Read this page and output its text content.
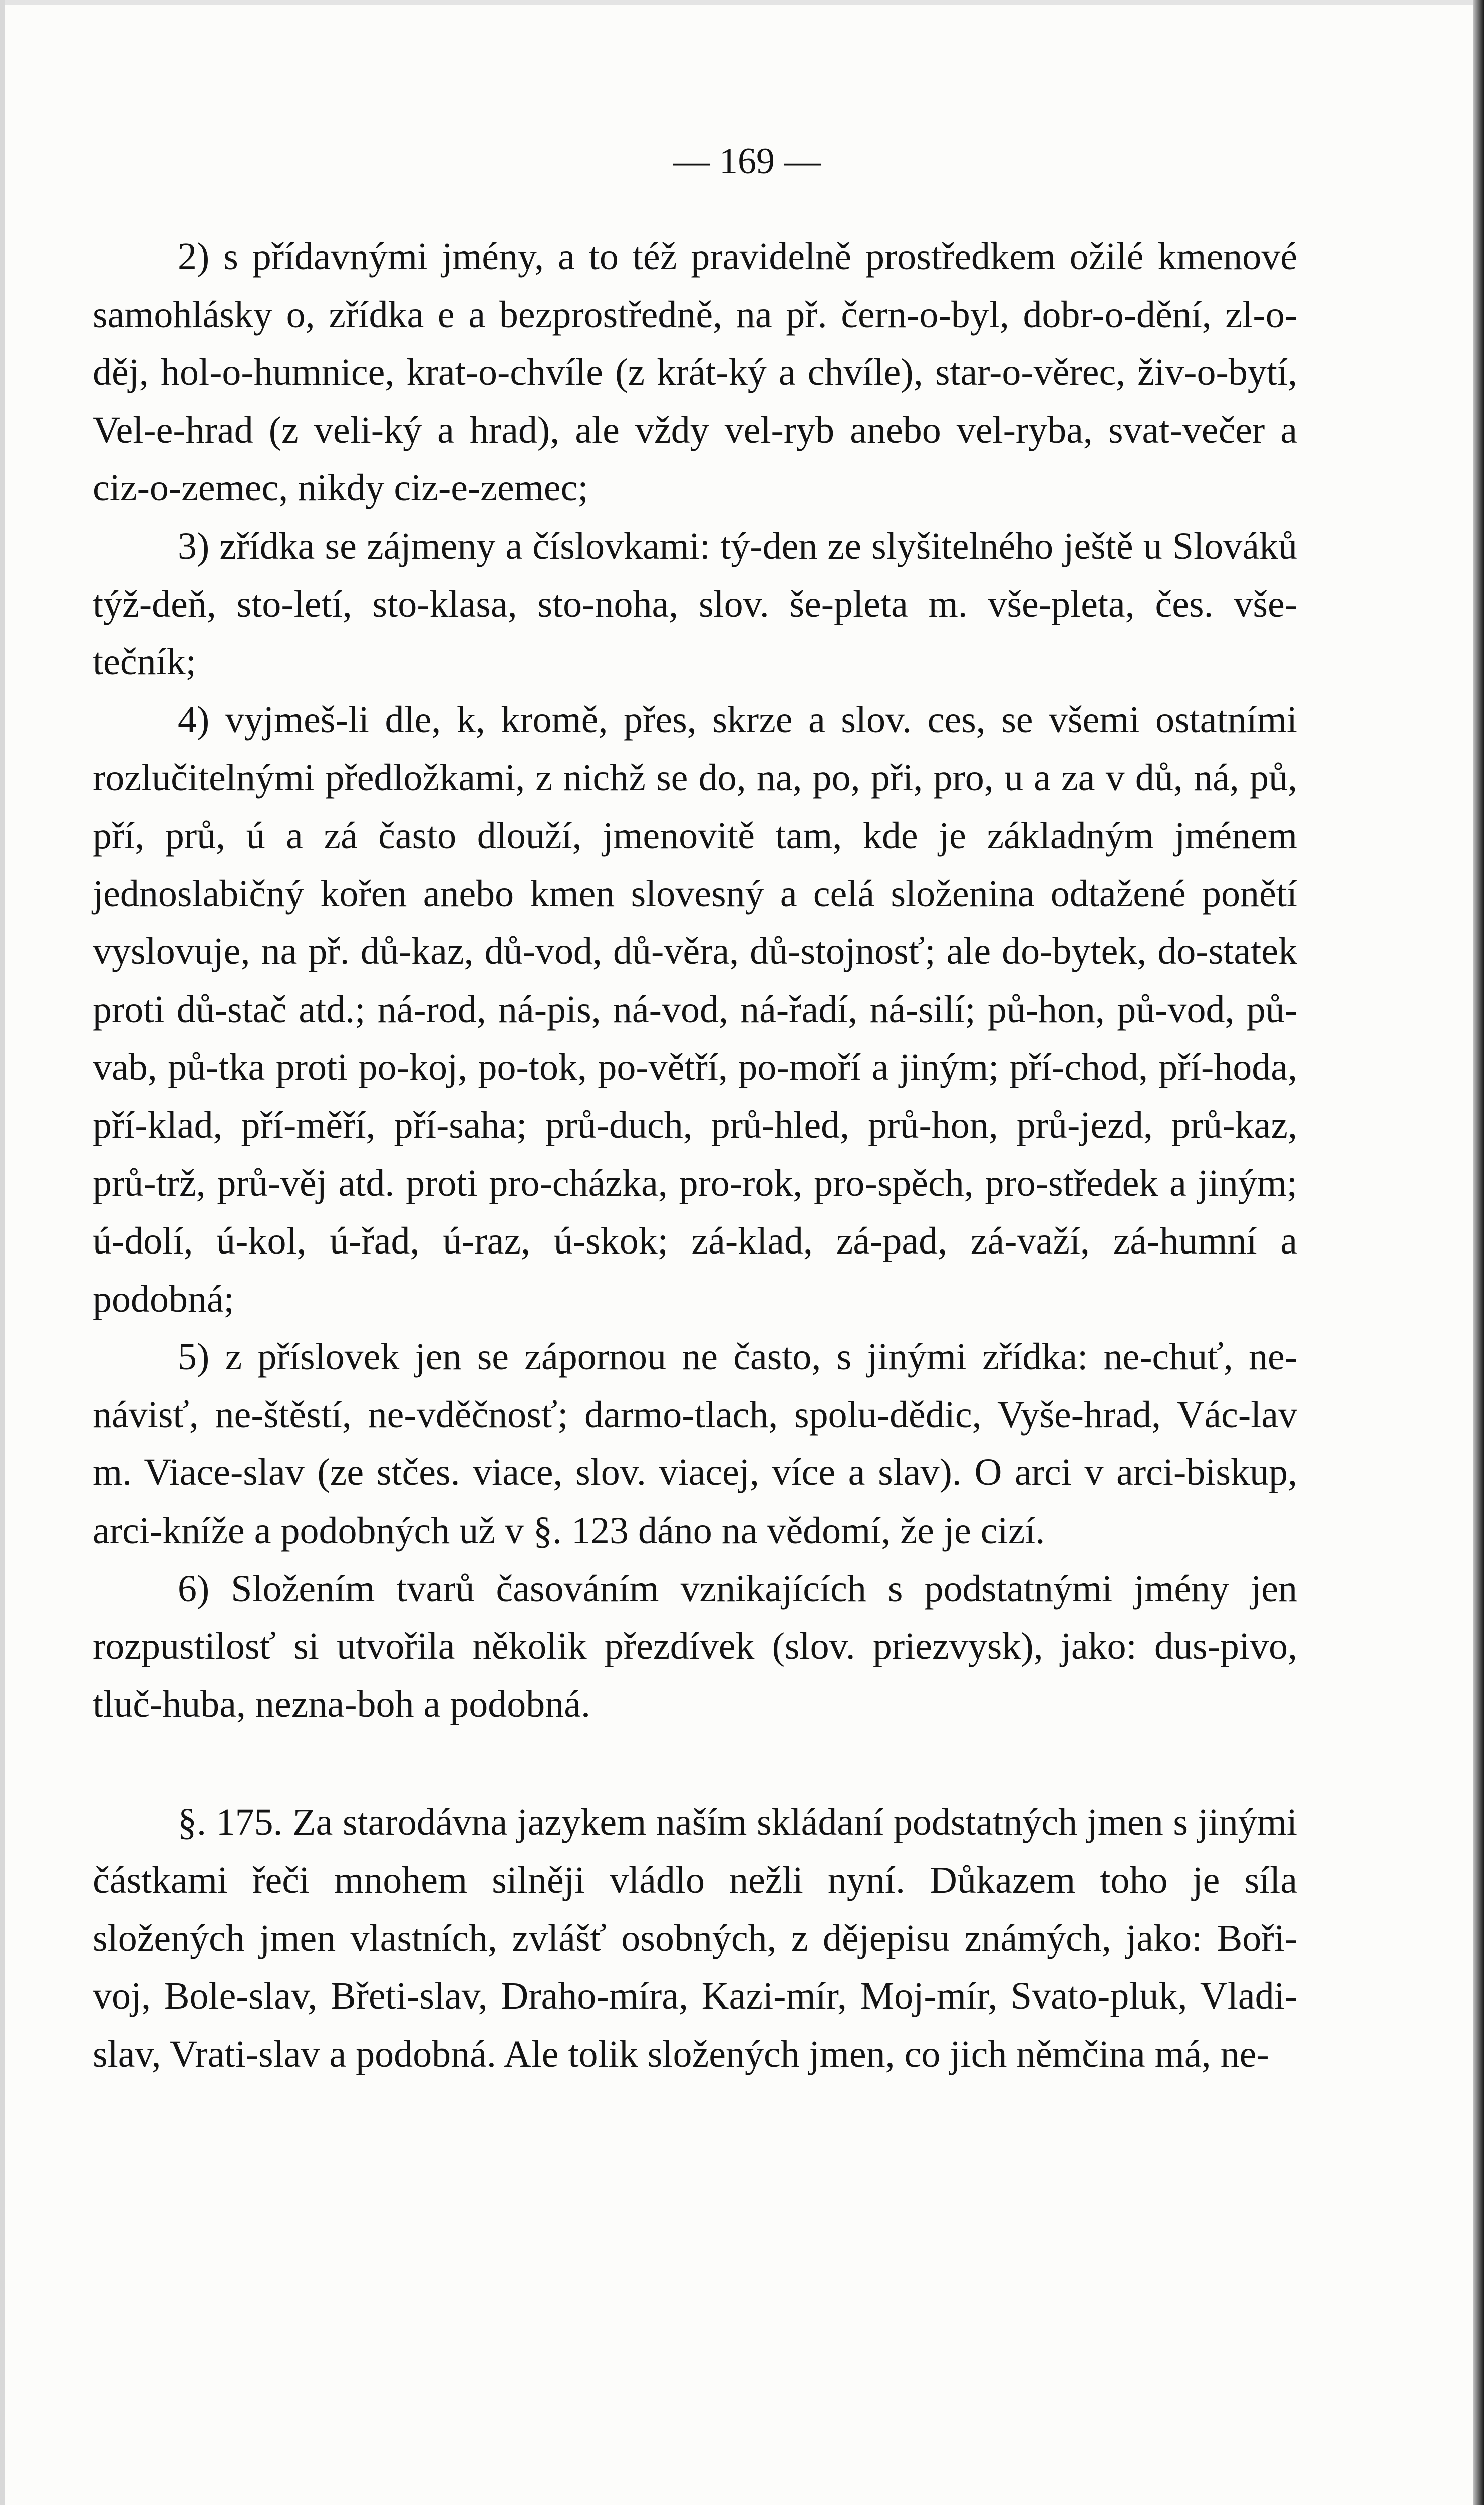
— 169 —

2) s přídavnými jmény, a to též pravidelně prostředkem ožilé kmenové samohlásky o, zřídka e a bezprostředně, na př. čern-o-byl, dobr-o-dění, zl-o-děj, hol-o-humnice, krat-o-chvíle (z krát-ký a chvíle), star-o-věrec, živ-o-bytí, Vel-e-hrad (z veli-ký a hrad), ale vždy vel-ryb anebo vel-ryba, svat-večer a ciz-o-zemec, nikdy ciz-e-zemec;

3) zřídka se zájmeny a číslovkami: tý-den ze slyšitelného ještě u Slováků týž-deň, sto-letí, sto-klasa, sto-noha, slov. še-pleta m. vše-pleta, čes. vše-tečník;

4) vyjmeš-li dle, k, kromě, přes, skrze a slov. ces, se všemi ostatními rozlučitelnými předložkami, z nichž se do, na, po, při, pro, u a za v dů, ná, pů, pří, prů, ú a zá často dlouží, jmenovitě tam, kde je základným jménem jednoslabičný kořen anebo kmen slovesný a celá složenina odtažené ponětí vyslovuje, na př. dů-kaz, dů-vod, dů-věra, dů-stojnosť; ale do-bytek, do-statek proti dů-stač atd.; ná-rod, ná-pis, ná-vod, ná-řadí, ná-silí; pů-hon, pů-vod, pů-vab, pů-tka proti po-koj, po-tok, po-větří, po-moří a jiným; pří-chod, pří-hoda, pří-klad, pří-měří, pří-saha; prů-duch, prů-hled, prů-hon, prů-jezd, prů-kaz, prů-trž, prů-věj atd. proti pro-cházka, pro-rok, pro-spěch, pro-středek a jiným; ú-dolí, ú-kol, ú-řad, ú-raz, ú-skok; zá-klad, zá-pad, zá-važí, zá-humní a podobná;

5) z příslovek jen se zápornou ne často, s jinými zřídka: ne-chuť, ne-návisť, ne-štěstí, ne-vděčnosť; darmo-tlach, spolu-dědic, Vyše-hrad, Vác-lav m. Viace-slav (ze stčes. viace, slov. viacej, více a slav). O arci v arci-biskup, arci-kníže a podobných už v §. 123 dáno na vědomí, že je cizí.

6) Složením tvarů časováním vznikajících s podstatnými jmény jen rozpustilosť si utvořila několik přezdívek (slov. priezvysk), jako: dus-pivo, tluč-huba, nezna-boh a podobná.

§. 175. Za starodávna jazykem naším skládaní podstatných jmen s jinými částkami řeči mnohem silněji vládlo nežli nyní. Důkazem toho je síla složených jmen vlastních, zvlášť osobných, z dějepisu známých, jako: Boři-voj, Bole-slav, Břeti-slav, Draho-míra, Kazi-mír, Moj-mír, Svato-pluk, Vladi-slav, Vrati-slav a podobná. Ale tolik složených jmen, co jich němčina má, ne-
